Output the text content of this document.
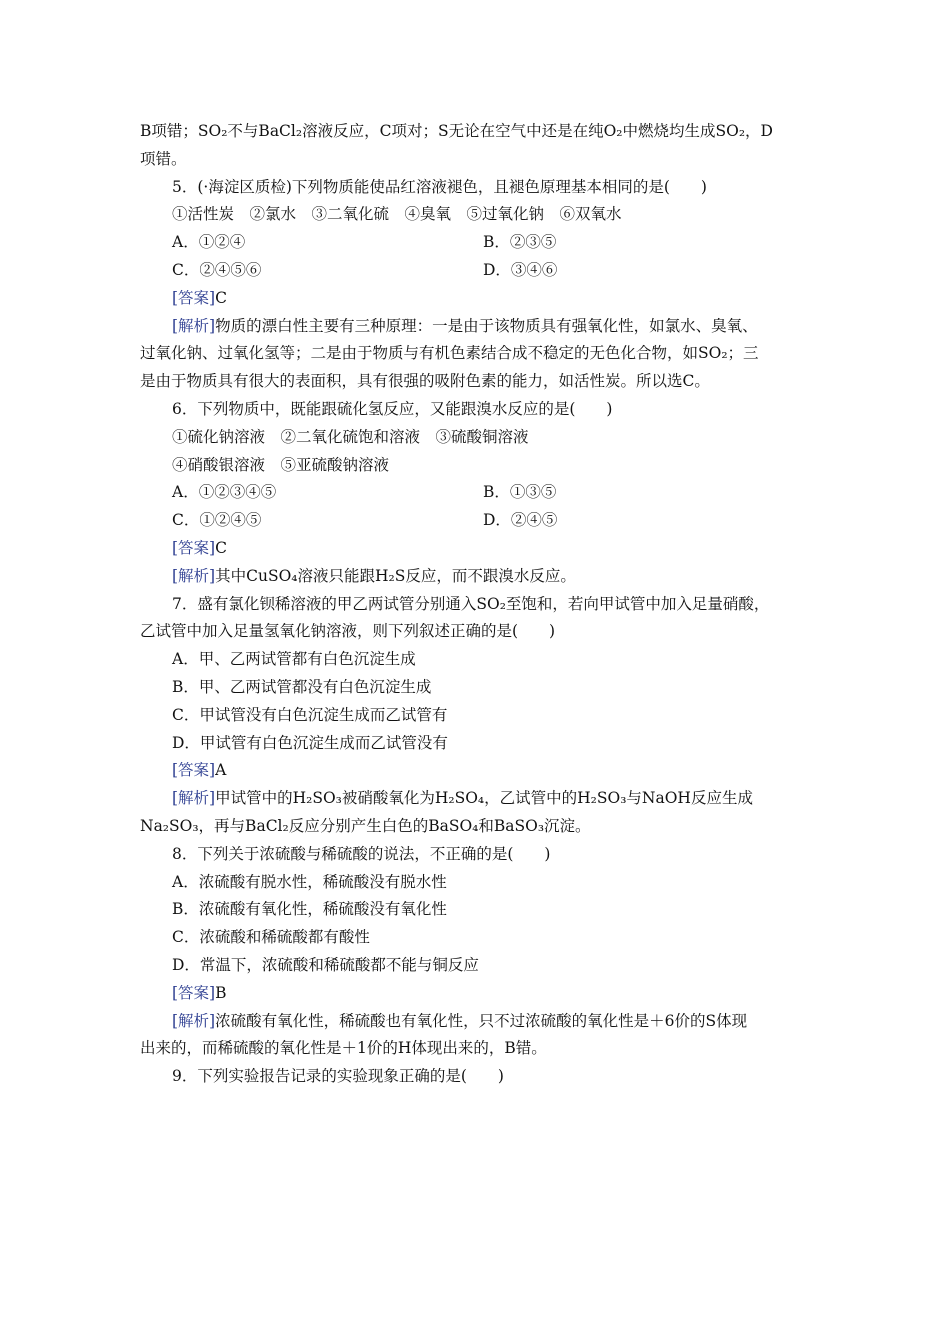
B项错；SO₂不与BaCl₂溶液反应，C项对；S无论在空气中还是在纯O₂中燃烧均生成SO₂，D
项错。
5．(·海淀区质检)下列物质能使品红溶液褪色，且褪色原理基本相同的是(　　)
①活性炭　②氯水　③二氧化硫　④臭氧　⑤过氧化钠　⑥双氧水
A．①②④	B．②③⑤
C．②④⑤⑥	D．③④⑥
[答案]C
[解析]物质的漂白性主要有三种原理：一是由于该物质具有强氧化性，如氯水、臭氧、
过氧化钠、过氧化氢等；二是由于物质与有机色素结合成不稳定的无色化合物，如SO₂；三
是由于物质具有很大的表面积，具有很强的吸附色素的能力，如活性炭。所以选C。
6．下列物质中，既能跟硫化氢反应，又能跟溴水反应的是(　　)
①硫化钠溶液　②二氧化硫饱和溶液　③硫酸铜溶液
④硝酸银溶液　⑤亚硫酸钠溶液
A．①②③④⑤	B．①③⑤
C．①②④⑤	D．②④⑤
[答案]C
[解析]其中CuSO₄溶液只能跟H₂S反应，而不跟溴水反应。
7．盛有氯化钡稀溶液的甲乙两试管分别通入SO₂至饱和，若向甲试管中加入足量硝酸，
乙试管中加入足量氢氧化钠溶液，则下列叙述正确的是(　　)
A．甲、乙两试管都有白色沉淀生成
B．甲、乙两试管都没有白色沉淀生成
C．甲试管没有白色沉淀生成而乙试管有
D．甲试管有白色沉淀生成而乙试管没有
[答案]A
[解析]甲试管中的H₂SO₃被硝酸氧化为H₂SO₄，乙试管中的H₂SO₃与NaOH反应生成
Na₂SO₃，再与BaCl₂反应分别产生白色的BaSO₄和BaSO₃沉淀。
8．下列关于浓硫酸与稀硫酸的说法，不正确的是(　　)
A．浓硫酸有脱水性，稀硫酸没有脱水性
B．浓硫酸有氧化性，稀硫酸没有氧化性
C．浓硫酸和稀硫酸都有酸性
D．常温下，浓硫酸和稀硫酸都不能与铜反应
[答案]B
[解析]浓硫酸有氧化性，稀硫酸也有氧化性，只不过浓硫酸的氧化性是＋6价的S体现
出来的，而稀硫酸的氧化性是＋1价的H体现出来的，B错。
9．下列实验报告记录的实验现象正确的是(　　)
